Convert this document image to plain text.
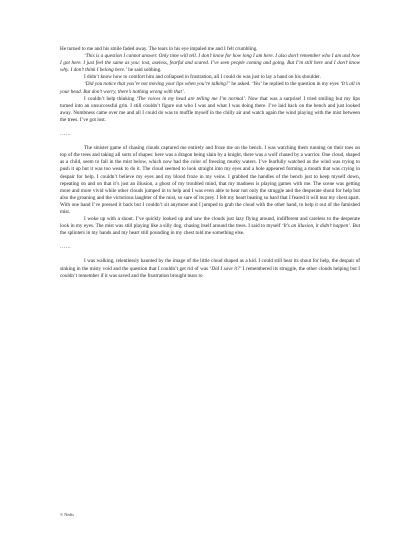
He turned to me and his smile faded away. The tears in his eye impaled me and I felt crumbling.

‘This is a question I cannot answer. Only time will tell. I don’t know for how long I am here. I also don’t remember who I am and how I got here. I just feel the same as you: lost, aseless, fearful and scared. I’ve seen people coming and going. But I’m still here and I don’t know why. I don’t think I belong here.’ he said sobbing.

I didn’t know how to comfort him and collapsed in frustration, all I could do was just to lay a hand on his shoulder.

‘Did you notice that you’re not moving your lips when you’re talking?’ he asked. ‘Yes’ he replied to the question in my eyes ‘It’s all in your head. But don’t worry, there’s nothing wrong with that’.

I couldn’t help thinking ‘The voices in my head are telling me I’m normal’. Now that was a surprise! I tried smiling but my lips turned into an unsuccessful grin. I still couldn’t figure out who I was and what I was doing there. I’ve laid back on the bench and just looked away. Numbness came over me and all I could do was to muffle myself in the chilly air and watch again the wind playing with the mist between the trees. I’ve got lost.

……

The sinister game of chasing clouds captured me entirely and froze me on the bench. I was watching them running on their toes on top of the trees and taking all sorts of shapes: here was a dragon being slain by a knight, there was a wolf chased by a warrior. One cloud, shaped as a child, seem to fall in the mist below, which now had the color of freezing murky waters. I’ve fearfully watched as the wind was trying to push it up but it was too weak to do it. The cloud seemed to look straight into my eyes and a hole appeared forming a mouth that was crying in despair for help. I couldn’t believe my eyes and my blood froze in my veins. I grabbed the handles of the bench just to keep myself down, repeating on and on that it’s just an illusion, a ghost of my troubled mind, that my madness is playing games with me. The scene was getting more and more vivid while other clouds jumped in to help and I was even able to hear not only the struggle and the desperate shout for help but also the groaning and the victorious laughter of the mist, so sure of its prey. I felt my heart beating so hard that I feared it will tear my chest apart. With one hand I’ve pressed it back but I couldn’t sit anymore and I jumped to grab the cloud with the other hand, to help it out of the famished mist.

I woke up with a shout. I’ve quickly looked up and saw the clouds just lazy flying around, indifferent and careless to the desperate look in my eyes. The mist was still playing like a silly dog, chasing itself around the trees. I said to myself ‘It’s an illusion, it didn’t happen’. But the splinters in my hands and my heart still pounding in my chest told me something else.

……

I was walking, relentlessly haunted by the image of the little cloud shaped as a kid. I could still hear its shout for help, the despair of sinking in the misty void and the question that I couldn’t get rid of was ‘Did I save it?’ I remembered its struggle, the other clouds helping but I couldn’t remember if it was saved and the frustration brought tears to

© Nedis
